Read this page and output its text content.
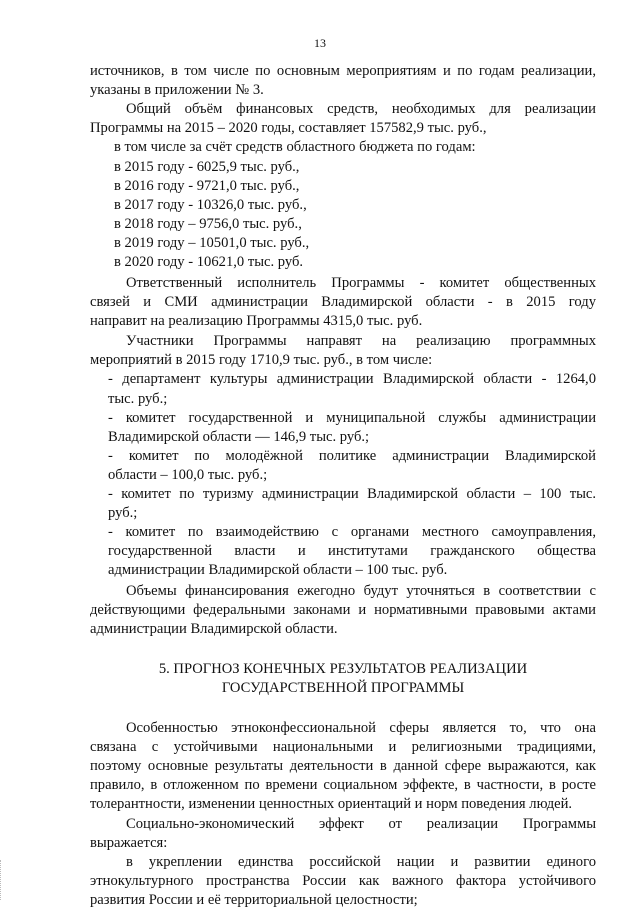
13
источников, в том числе по основным мероприятиям и по годам реализации,
указаны в приложении № 3.
Общий объём финансовых средств, необходимых для реализации
Программы на 2015 – 2020 годы, составляет 157582,9 тыс. руб.,
в том числе за счёт средств областного бюджета по годам:
в 2015 году - 6025,9 тыс. руб.,
в 2016 году - 9721,0 тыс. руб.,
в 2017 году - 10326,0 тыс. руб.,
в 2018 году – 9756,0 тыс. руб.,
в 2019 году – 10501,0 тыс. руб.,
в 2020 году - 10621,0 тыс. руб.
Ответственный исполнитель Программы - комитет общественных
связей и СМИ администрации Владимирской области - в 2015 году
направит на реализацию Программы 4315,0 тыс. руб.
Участники Программы направят на реализацию программных
мероприятий в 2015 году 1710,9 тыс. руб., в том числе:
- департамент культуры администрации Владимирской области - 1264,0
тыс. руб.;
- комитет государственной и муниципальной службы администрации
Владимирской области — 146,9 тыс. руб.;
- комитет по молодёжной политике администрации Владимирской
области – 100,0 тыс. руб.;
- комитет по туризму администрации Владимирской области – 100 тыс.
руб.;
- комитет по взаимодействию с органами местного самоуправления,
государственной власти и институтами гражданского общества
администрации Владимирской области – 100 тыс. руб.
Объемы финансирования ежегодно будут уточняться в соответствии с
действующими федеральными законами и нормативными правовыми актами
администрации Владимирской области.
5. ПРОГНОЗ КОНЕЧНЫХ РЕЗУЛЬТАТОВ РЕАЛИЗАЦИИ
ГОСУДАРСТВЕННОЙ ПРОГРАММЫ
Особенностью этноконфессиональной сферы является то, что она
связана с устойчивыми национальными и религиозными традициями,
поэтому основные результаты деятельности в данной сфере выражаются, как
правило, в отложенном по времени социальном эффекте, в частности, в росте
толерантности, изменении ценностных ориентаций и норм поведения людей.
Социально-экономический эффект от реализации Программы
выражается:
в укреплении единства российской нации и развитии единого
этнокультурного пространства России как важного фактора устойчивого
развития России и её территориальной целостности;
